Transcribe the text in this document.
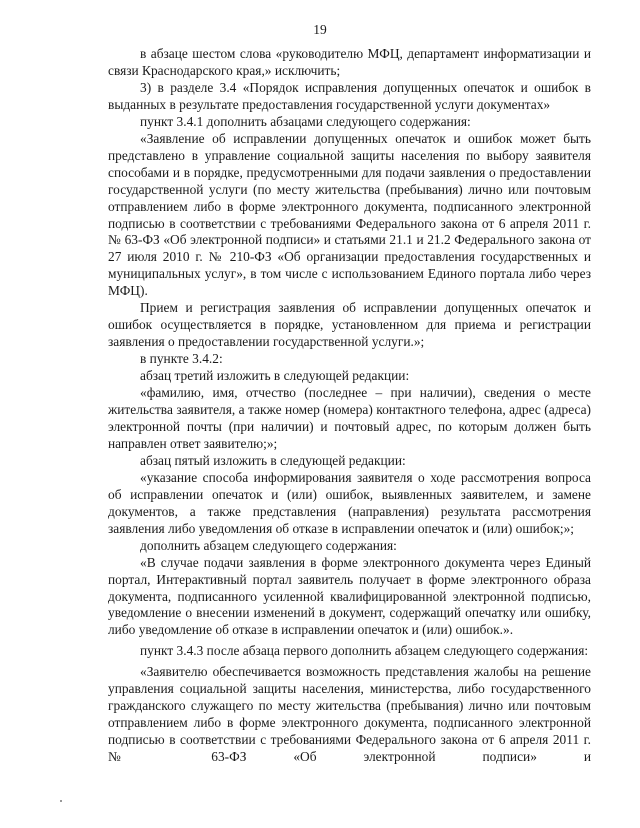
19

в абзаце шестом слова «руководителю МФЦ, департамент информатизации и связи Краснодарского края,» исключить;

3) в разделе 3.4 «Порядок исправления допущенных опечаток и ошибок в выданных в результате предоставления государственной услуги документах»

пункт 3.4.1 дополнить абзацами следующего содержания:

«Заявление об исправлении допущенных опечаток и ошибок может быть представлено в управление социальной защиты населения по выбору заявителя способами и в порядке, предусмотренными для подачи заявления о предоставлении государственной услуги (по месту жительства (пребывания) лично или почтовым отправлением либо в форме электронного документа, подписанного электронной подписью в соответствии с требованиями Федерального закона от 6 апреля 2011 г. № 63-ФЗ «Об электронной подписи» и статьями 21.1 и 21.2 Федерального закона от 27 июля 2010 г. № 210-ФЗ «Об организации предоставления государственных и муниципальных услуг», в том числе с использованием Единого портала либо через МФЦ).

Прием и регистрация заявления об исправлении допущенных опечаток и ошибок осуществляется в порядке, установленном для приема и регистрации заявления о предоставлении государственной услуги.»;

в пункте 3.4.2:

абзац третий изложить в следующей редакции:

«фамилию, имя, отчество (последнее – при наличии), сведения о месте жительства заявителя, а также номер (номера) контактного телефона, адрес (адреса) электронной почты (при наличии) и почтовый адрес, по которым должен быть направлен ответ заявителю;»;

абзац пятый изложить в следующей редакции:

«указание способа информирования заявителя о ходе рассмотрения вопроса об исправлении опечаток и (или) ошибок, выявленных заявителем, и замене документов, а также представления (направления) результата рассмотрения заявления либо уведомления об отказе в исправлении опечаток и (или) ошибок;»;

дополнить абзацем следующего содержания:

«В случае подачи заявления в форме электронного документа через Единый портал, Интерактивный портал заявитель получает в форме электронного образа документа, подписанного усиленной квалифицированной электронной подписью, уведомление о внесении изменений в документ, содержащий опечатку или ошибку, либо уведомление об отказе в исправлении опечаток и (или) ошибок.».

пункт 3.4.3 после абзаца первого дополнить абзацем следующего содержания:

«Заявителю обеспечивается возможность представления жалобы на решение управления социальной защиты населения, министерства, либо государственного гражданского служащего по месту жительства (пребывания) лично или почтовым отправлением либо в форме электронного документа, подписанного электронной подписью в соответствии с требованиями Федерального закона от 6 апреля 2011 г. № 63-ФЗ «Об электронной подписи» и
